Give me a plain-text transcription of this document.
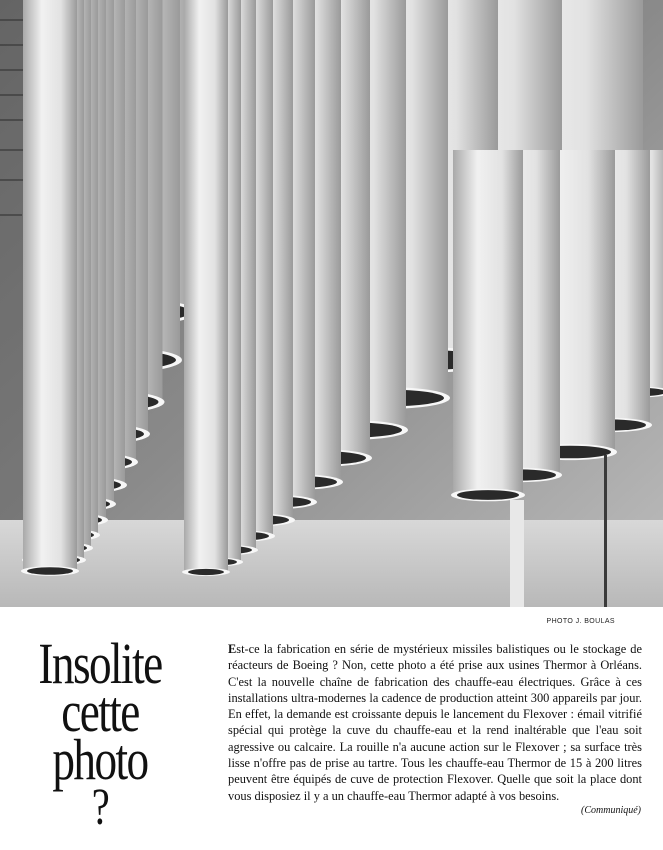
PHOTO J. BOULAS
Insolite
cette
photo
?
Est-ce la fabrication en série de mystérieux missiles balistiques ou le stockage de réacteurs de Boeing ? Non, cette photo a été prise aux usines Thermor à Orléans. C'est la nouvelle chaîne de fabrication des chauffe-eau électriques. Grâce à ces installations ultra-modernes la cadence de production atteint 300 appareils par jour. En effet, la demande est croissante depuis le lancement du Flexover : émail vitrifié spécial qui protège la cuve du chauffe-eau et la rend inaltérable que l'eau soit agressive ou calcaire. La rouille n'a aucune action sur le Flexover ; sa surface très lisse n'offre pas de prise au tartre. Tous les chauffe-eau Thermor de 15 à 200 litres peuvent être équipés de cuve de protection Flexover. Quelle que soit la place dont vous disposiez il y a un chauffe-eau Thermor adapté à vos besoins.
(Communiqué)
